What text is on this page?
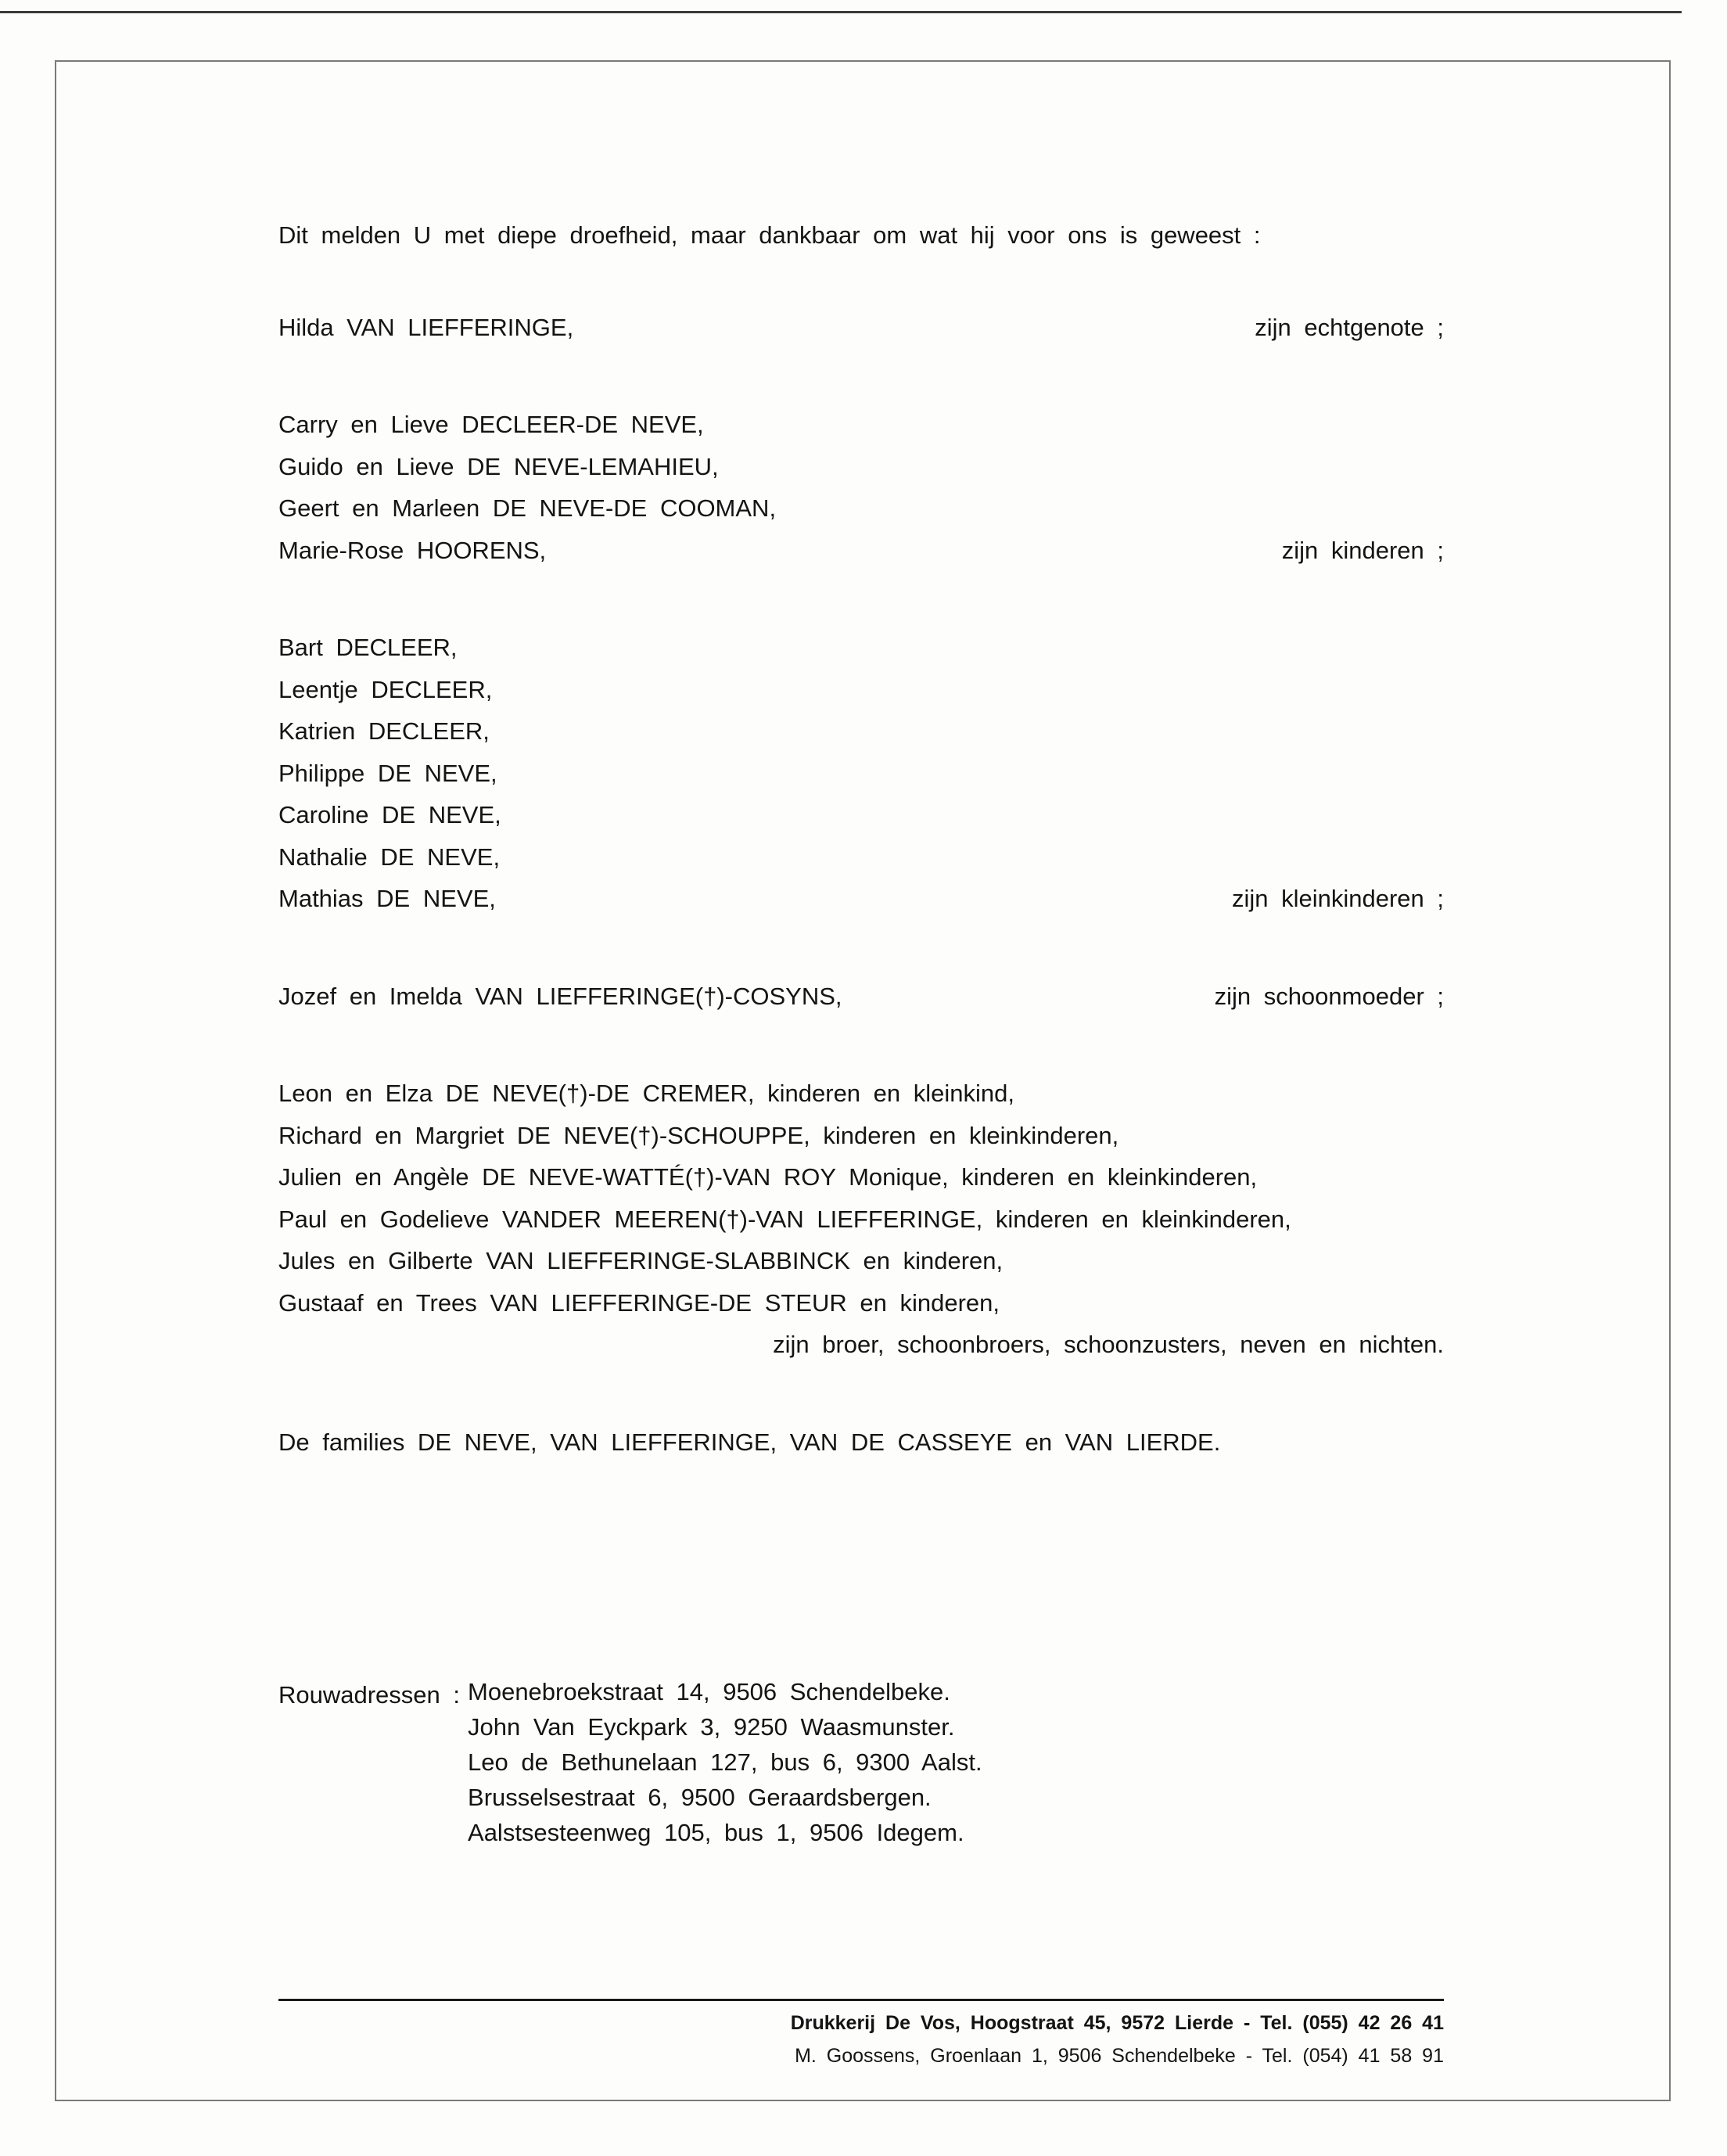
Dit melden U met diepe droefheid, maar dankbaar om wat hij voor ons is geweest :
Hilda VAN LIEFFERINGE,	zijn echtgenote ;
Carry en Lieve DECLEER-DE NEVE,
Guido en Lieve DE NEVE-LEMAHIEU,
Geert en Marleen DE NEVE-DE COOMAN,
Marie-Rose HOORENS,	zijn kinderen ;
Bart DECLEER,
Leentje DECLEER,
Katrien DECLEER,
Philippe DE NEVE,
Caroline DE NEVE,
Nathalie DE NEVE,
Mathias DE NEVE,	zijn kleinkinderen ;
Jozef en Imelda VAN LIEFFERINGE(†)-COSYNS,	zijn schoonmoeder ;
Leon en Elza DE NEVE(†)-DE CREMER, kinderen en kleinkind,
Richard en Margriet DE NEVE(†)-SCHOUPPE, kinderen en kleinkinderen,
Julien en Angèle DE NEVE-WATTÉ(†)-VAN ROY Monique, kinderen en kleinkinderen,
Paul en Godelieve VANDER MEEREN(†)-VAN LIEFFERINGE, kinderen en kleinkinderen,
Jules en Gilberte VAN LIEFFERINGE-SLABBINCK en kinderen,
Gustaaf en Trees VAN LIEFFERINGE-DE STEUR en kinderen,
zijn broer, schoonbroers, schoonzusters, neven en nichten.
De families DE NEVE, VAN LIEFFERINGE, VAN DE CASSEYE en VAN LIERDE.
Rouwadressen : Moenebroekstraat 14, 9506 Schendelbeke.
John Van Eyckpark 3, 9250 Waasmunster.
Leo de Bethunelaan 127, bus 6, 9300 Aalst.
Brusselsestraat 6, 9500 Geraardsbergen.
Aalstsesteenweg 105, bus 1, 9506 Idegem.
Drukkerij De Vos, Hoogstraat 45, 9572 Lierde - Tel. (055) 42 26 41
M. Goossens, Groenlaan 1, 9506 Schendelbeke - Tel. (054) 41 58 91
